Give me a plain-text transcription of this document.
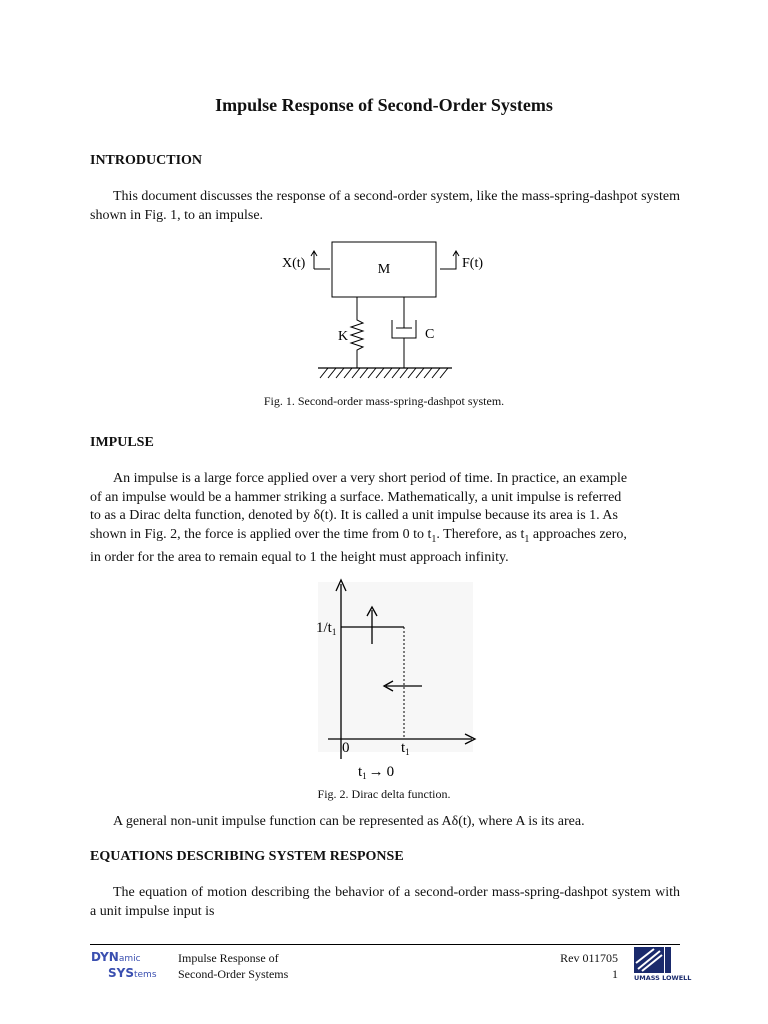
Impulse Response of Second-Order Systems
INTRODUCTION
This document discusses the response of a second-order system, like the mass-spring-dashpot system shown in Fig. 1, to an impulse.
M
X(t)	F(t)
K	C
Fig. 1. Second-order mass-spring-dashpot system.
IMPULSE
An impulse is a large force applied over a very short period of time. In practice, an example
of an impulse would be a hammer striking a surface. Mathematically, a unit impulse is referred
to as a Dirac delta function, denoted by δ(t). It is called a unit impulse because its area is 1. As
shown in Fig. 2, the force is applied over the time from 0 to $t_1$. Therefore, as $t_1$ approaches zero,
in order for the area to remain equal to 1 the height must approach infinity.
$1/t_1$
0	$t_1$
$t_1 \to 0$
Fig. 2. Dirac delta function.
A general non-unit impulse function can be represented as Aδ(t), where A is its area.
EQUATIONS DESCRIBING SYSTEM RESPONSE
The equation of motion describing the behavior of a second-order mass-spring-dashpot system with a unit impulse input is
DYNamic
SYStems
Impulse Response of
Second-Order Systems
Rev 011705
1 UMASS LOWELL
